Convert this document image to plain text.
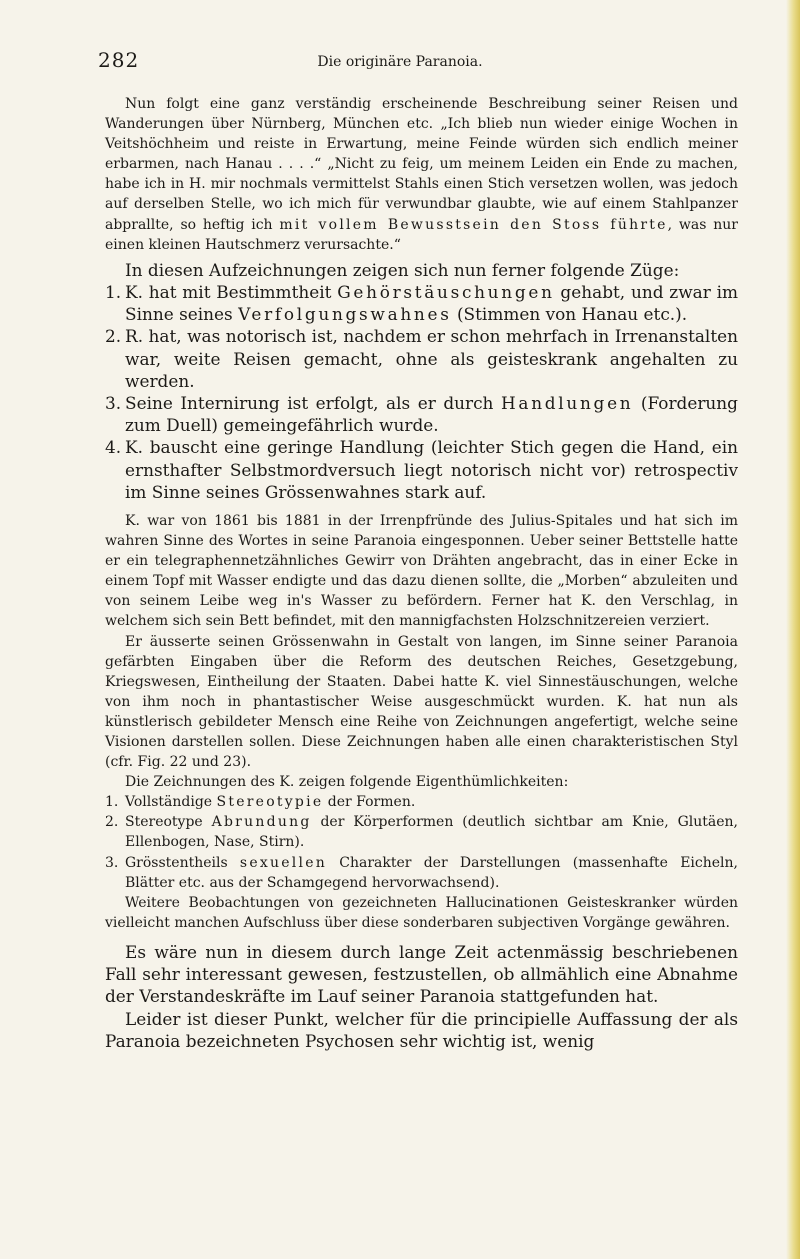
282	Die originäre Paranoia.

Nun folgt eine ganz verständig erscheinende Beschreibung seiner Reisen und Wanderungen über Nürnberg, München etc. „Ich blieb nun wieder einige Wochen in Veitshöchheim und reiste in Erwartung, meine Feinde würden sich endlich meiner erbarmen, nach Hanau . . . .“ „Nicht zu feig, um meinem Leiden ein Ende zu machen, habe ich in H. mir nochmals vermittelst Stahls einen Stich versetzen wollen, was jedoch auf derselben Stelle, wo ich mich für verwundbar glaubte, wie auf einem Stahlpanzer abprallte, so heftig ich mit vollem Bewusstsein den Stoss führte, was nur einen kleinen Hautschmerz verursachte.“

In diesen Aufzeichnungen zeigen sich nun ferner folgende Züge:

1. K. hat mit Bestimmtheit Gehörstäuschungen gehabt, und zwar im Sinne seines Verfolgungswahnes (Stimmen von Hanau etc.).
2. R. hat, was notorisch ist, nachdem er schon mehrfach in Irrenanstalten war, weite Reisen gemacht, ohne als geisteskrank angehalten zu werden.
3. Seine Internirung ist erfolgt, als er durch Handlungen (Forderung zum Duell) gemeingefährlich wurde.
4. K. bauscht eine geringe Handlung (leichter Stich gegen die Hand, ein ernsthafter Selbstmordversuch liegt notorisch nicht vor) retrospectiv im Sinne seines Grössenwahnes stark auf.

K. war von 1861 bis 1881 in der Irrenpfründe des Julius-Spitales und hat sich im wahren Sinne des Wortes in seine Paranoia eingesponnen. Ueber seiner Bettstelle hatte er ein telegraphennetzähnliches Gewirr von Drähten angebracht, das in einer Ecke in einem Topf mit Wasser endigte und das dazu dienen sollte, die „Morben“ abzuleiten und von seinem Leibe weg in's Wasser zu befördern. Ferner hat K. den Verschlag, in welchem sich sein Bett befindet, mit den mannigfachsten Holzschnitzereien verziert.

Er äusserte seinen Grössenwahn in Gestalt von langen, im Sinne seiner Paranoia gefärbten Eingaben über die Reform des deutschen Reiches, Gesetzgebung, Kriegswesen, Eintheilung der Staaten. Dabei hatte K. viel Sinnestäuschungen, welche von ihm noch in phantastischer Weise ausgeschmückt wurden. K. hat nun als künstlerisch gebildeter Mensch eine Reihe von Zeichnungen angefertigt, welche seine Visionen darstellen sollen. Diese Zeichnungen haben alle einen charakteristischen Styl (cfr. Fig. 22 und 23).

Die Zeichnungen des K. zeigen folgende Eigenthümlichkeiten:

1. Vollständige Stereotypie der Formen.
2. Stereotype Abrundung der Körperformen (deutlich sichtbar am Knie, Glutäen, Ellenbogen, Nase, Stirn).
3. Grösstentheils sexuellen Charakter der Darstellungen (massenhafte Eicheln, Blätter etc. aus der Schamgegend hervorwachsend).

Weitere Beobachtungen von gezeichneten Hallucinationen Geisteskranker würden vielleicht manchen Aufschluss über diese sonderbaren subjectiven Vorgänge gewähren.

Es wäre nun in diesem durch lange Zeit actenmässig beschriebenen Fall sehr interessant gewesen, festzustellen, ob allmählich eine Abnahme der Verstandeskräfte im Lauf seiner Paranoia stattgefunden hat.

Leider ist dieser Punkt, welcher für die principielle Auffassung der als Paranoia bezeichneten Psychosen sehr wichtig ist, wenig
